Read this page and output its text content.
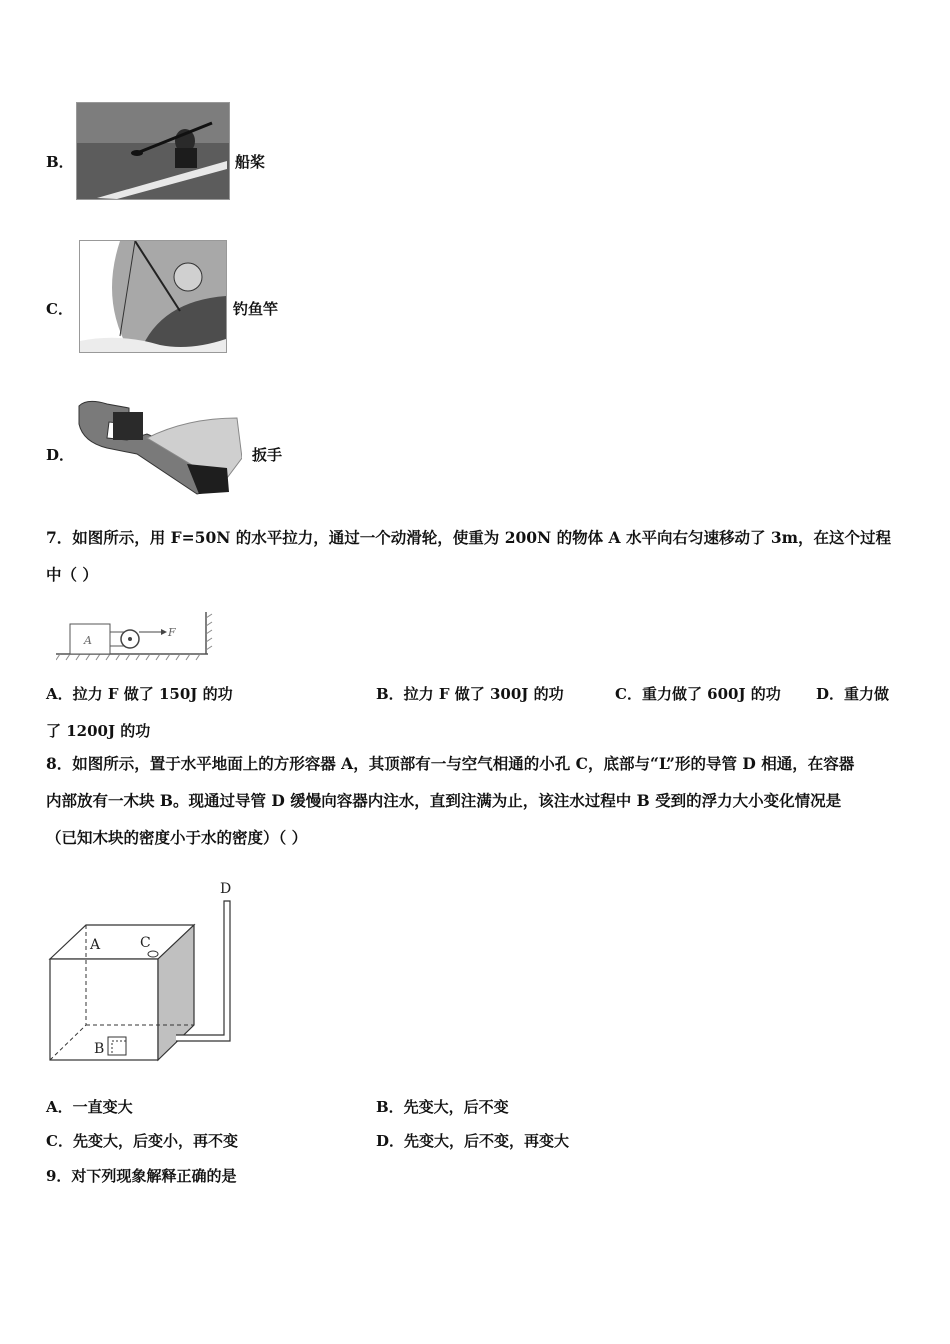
B．	船桨
C．	钓鱼竿
D．	扳手
7．如图所示，用 F=50N 的水平拉力，通过一个动滑轮，使重为 200N 的物体 A 水平向右匀速移动了 3m，在这个过程
中（ ）
A
F
A．拉力 F 做了 150J 的功	B．拉力 F 做了 300J 的功	C．重力做了 600J 的功 D．重力做
了 1200J 的功
8．如图所示，置于水平地面上的方形容器 A，其顶部有一与空气相通的小孔 C，底部与“L”形的导管 D 相通，在容器
内部放有一木块 B。现通过导管 D 缓慢向容器内注水，直到注满为止，该注水过程中 B 受到的浮力大小变化情况是
（已知木块的密度小于水的密度）（ ）
A	C
D
B
A．一直变大	B．先变大，后不变
C．先变大，后变小，再不变	D．先变大，后不变，再变大
9．对下列现象解释正确的是
